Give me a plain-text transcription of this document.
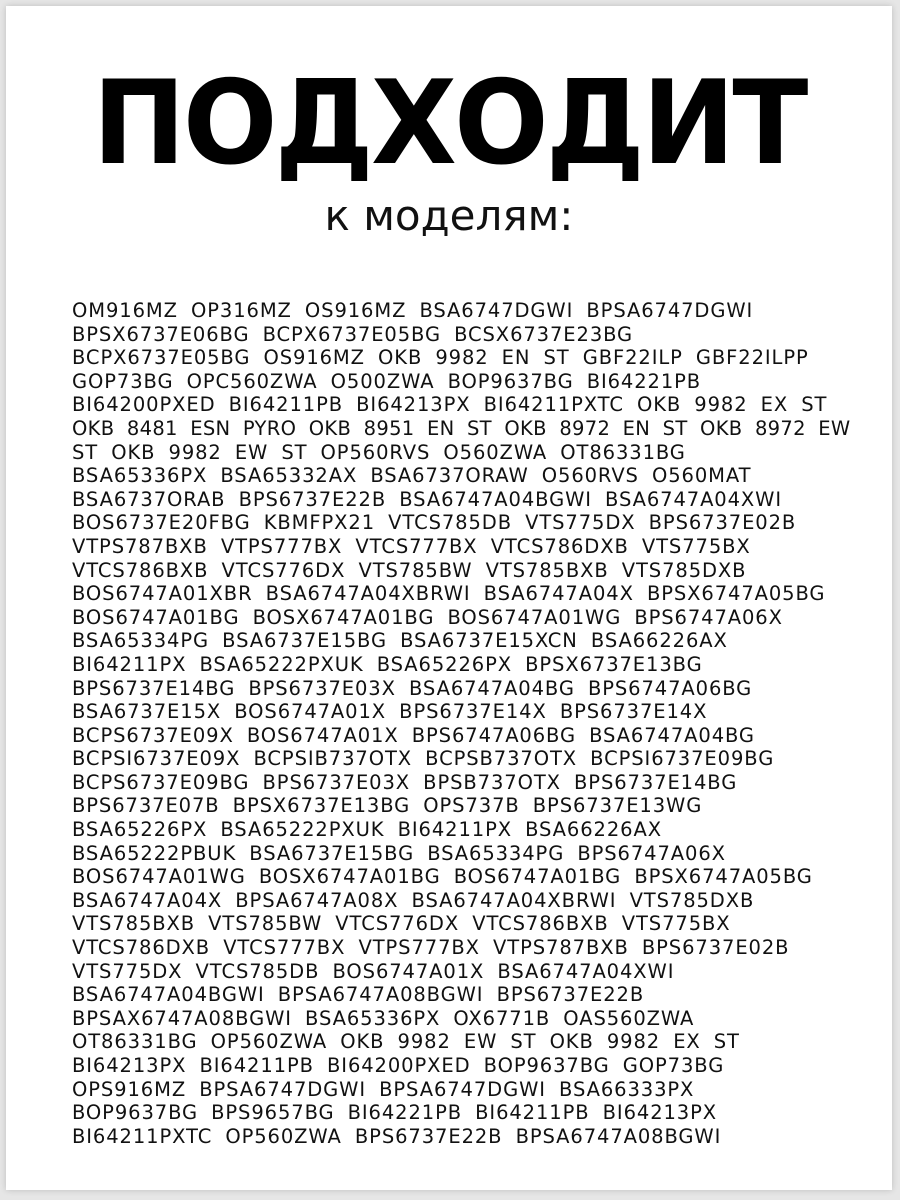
ПОДХОДИТ
к моделям:
OM916MZ OP316MZ OS916MZ BSA6747DGWI BPSA6747DGWI
BPSX6737E06BG BCPX6737E05BG BCSX6737E23BG
BCPX6737E05BG OS916MZ OKB 9982 EN ST GBF22ILP GBF22ILPP
GOP73BG OPC560ZWA O500ZWA BOP9637BG BI64221PB
BI64200PXED BI64211PB BI64213PX BI64211PXTC OKB 9982 EX ST
OKB 8481 ESN PYRO OKB 8951 EN ST OKB 8972 EN ST OKB 8972 EW
ST OKB 9982 EW ST OP560RVS O560ZWA OT86331BG
BSA65336PX BSA65332AX BSA6737ORAW O560RVS O560MAT
BSA6737ORAB BPS6737E22B BSA6747A04BGWI BSA6747A04XWI
BOS6737E20FBG KBMFPX21 VTCS785DB VTS775DX BPS6737E02B
VTPS787BXB VTPS777BX VTCS777BX VTCS786DXB VTS775BX
VTCS786BXB VTCS776DX VTS785BW VTS785BXB VTS785DXB
BOS6747A01XBR BSA6747A04XBRWI BSA6747A04X BPSX6747A05BG
BOS6747A01BG BOSX6747A01BG BOS6747A01WG BPS6747A06X
BSA65334PG BSA6737E15BG BSA6737E15XCN BSA66226AX
BI64211PX BSA65222PXUK BSA65226PX BPSX6737E13BG
BPS6737E14BG BPS6737E03X BSA6747A04BG BPS6747A06BG
BSA6737E15X BOS6747A01X BPS6737E14X BPS6737E14X
BCPS6737E09X BOS6747A01X BPS6747A06BG BSA6747A04BG
BCPSI6737E09X BCPSIB737OTX BCPSB737OTX BCPSI6737E09BG
BCPS6737E09BG BPS6737E03X BPSB737OTX BPS6737E14BG
BPS6737E07B BPSX6737E13BG OPS737B BPS6737E13WG
BSA65226PX BSA65222PXUK BI64211PX BSA66226AX
BSA65222PBUK BSA6737E15BG BSA65334PG BPS6747A06X
BOS6747A01WG BOSX6747A01BG BOS6747A01BG BPSX6747A05BG
BSA6747A04X BPSA6747A08X BSA6747A04XBRWI VTS785DXB
VTS785BXB VTS785BW VTCS776DX VTCS786BXB VTS775BX
VTCS786DXB VTCS777BX VTPS777BX VTPS787BXB BPS6737E02B
VTS775DX VTCS785DB BOS6747A01X BSA6747A04XWI
BSA6747A04BGWI BPSA6747A08BGWI BPS6737E22B
BPSAX6747A08BGWI BSA65336PX OX6771B OAS560ZWA
OT86331BG OP560ZWA OKB 9982 EW ST OKB 9982 EX ST
BI64213PX BI64211PB BI64200PXED BOP9637BG GOP73BG
OPS916MZ BPSA6747DGWI BPSA6747DGWI BSA66333PX
BOP9637BG BPS9657BG BI64221PB BI64211PB BI64213PX
BI64211PXTC OP560ZWA BPS6737E22B BPSA6747A08BGWI
